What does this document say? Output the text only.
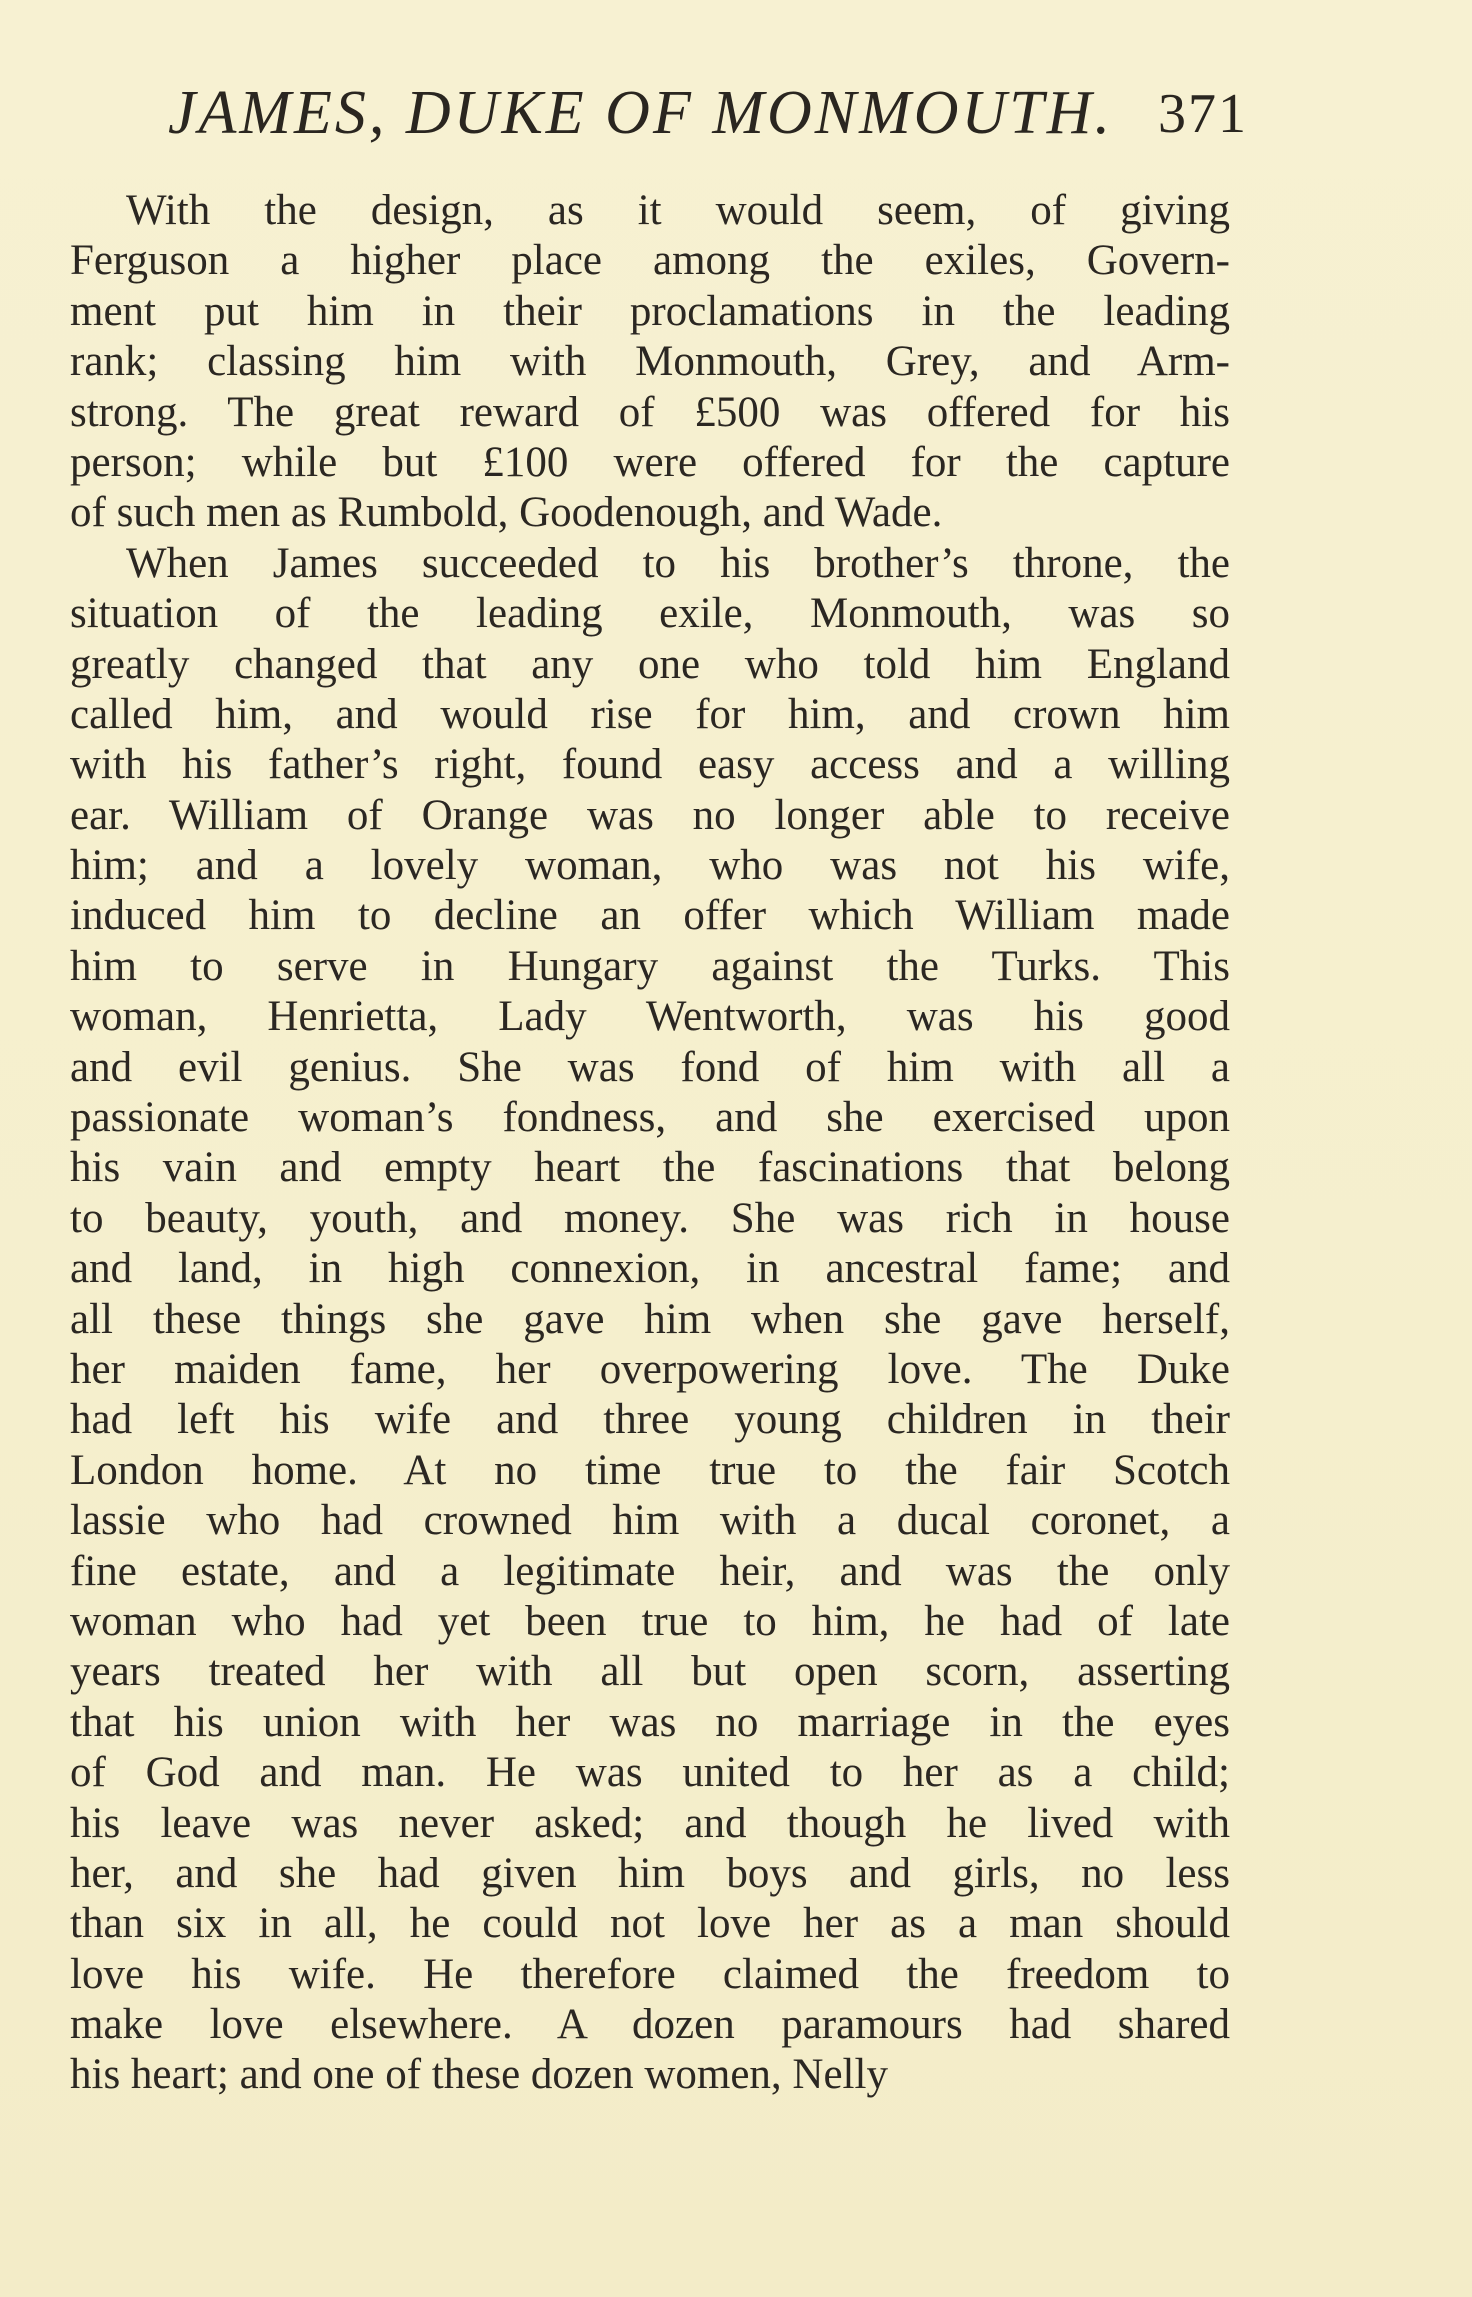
JAMES, DUKE OF MONMOUTH. 371
With the design, as it would seem, of giving
Ferguson a higher place among the exiles, Govern-
ment put him in their proclamations in the leading
rank; classing him with Monmouth, Grey, and Arm-
strong. The great reward of £500 was offered for his
person; while but £100 were offered for the capture
of such men as Rumbold, Goodenough, and Wade.
When James succeeded to his brother’s throne, the
situation of the leading exile, Monmouth, was so
greatly changed that any one who told him England
called him, and would rise for him, and crown him
with his father’s right, found easy access and a willing
ear. William of Orange was no longer able to receive
him; and a lovely woman, who was not his wife,
induced him to decline an offer which William made
him to serve in Hungary against the Turks. This
woman, Henrietta, Lady Wentworth, was his good
and evil genius. She was fond of him with all a
passionate woman’s fondness, and she exercised upon
his vain and empty heart the fascinations that belong
to beauty, youth, and money. She was rich in house
and land, in high connexion, in ancestral fame; and
all these things she gave him when she gave herself,
her maiden fame, her overpowering love. The Duke
had left his wife and three young children in their
London home. At no time true to the fair Scotch
lassie who had crowned him with a ducal coronet, a
fine estate, and a legitimate heir, and was the only
woman who had yet been true to him, he had of late
years treated her with all but open scorn, asserting
that his union with her was no marriage in the eyes
of God and man. He was united to her as a child;
his leave was never asked; and though he lived with
her, and she had given him boys and girls, no less
than six in all, he could not love her as a man should
love his wife. He therefore claimed the freedom to
make love elsewhere. A dozen paramours had shared
his heart; and one of these dozen women, Nelly
